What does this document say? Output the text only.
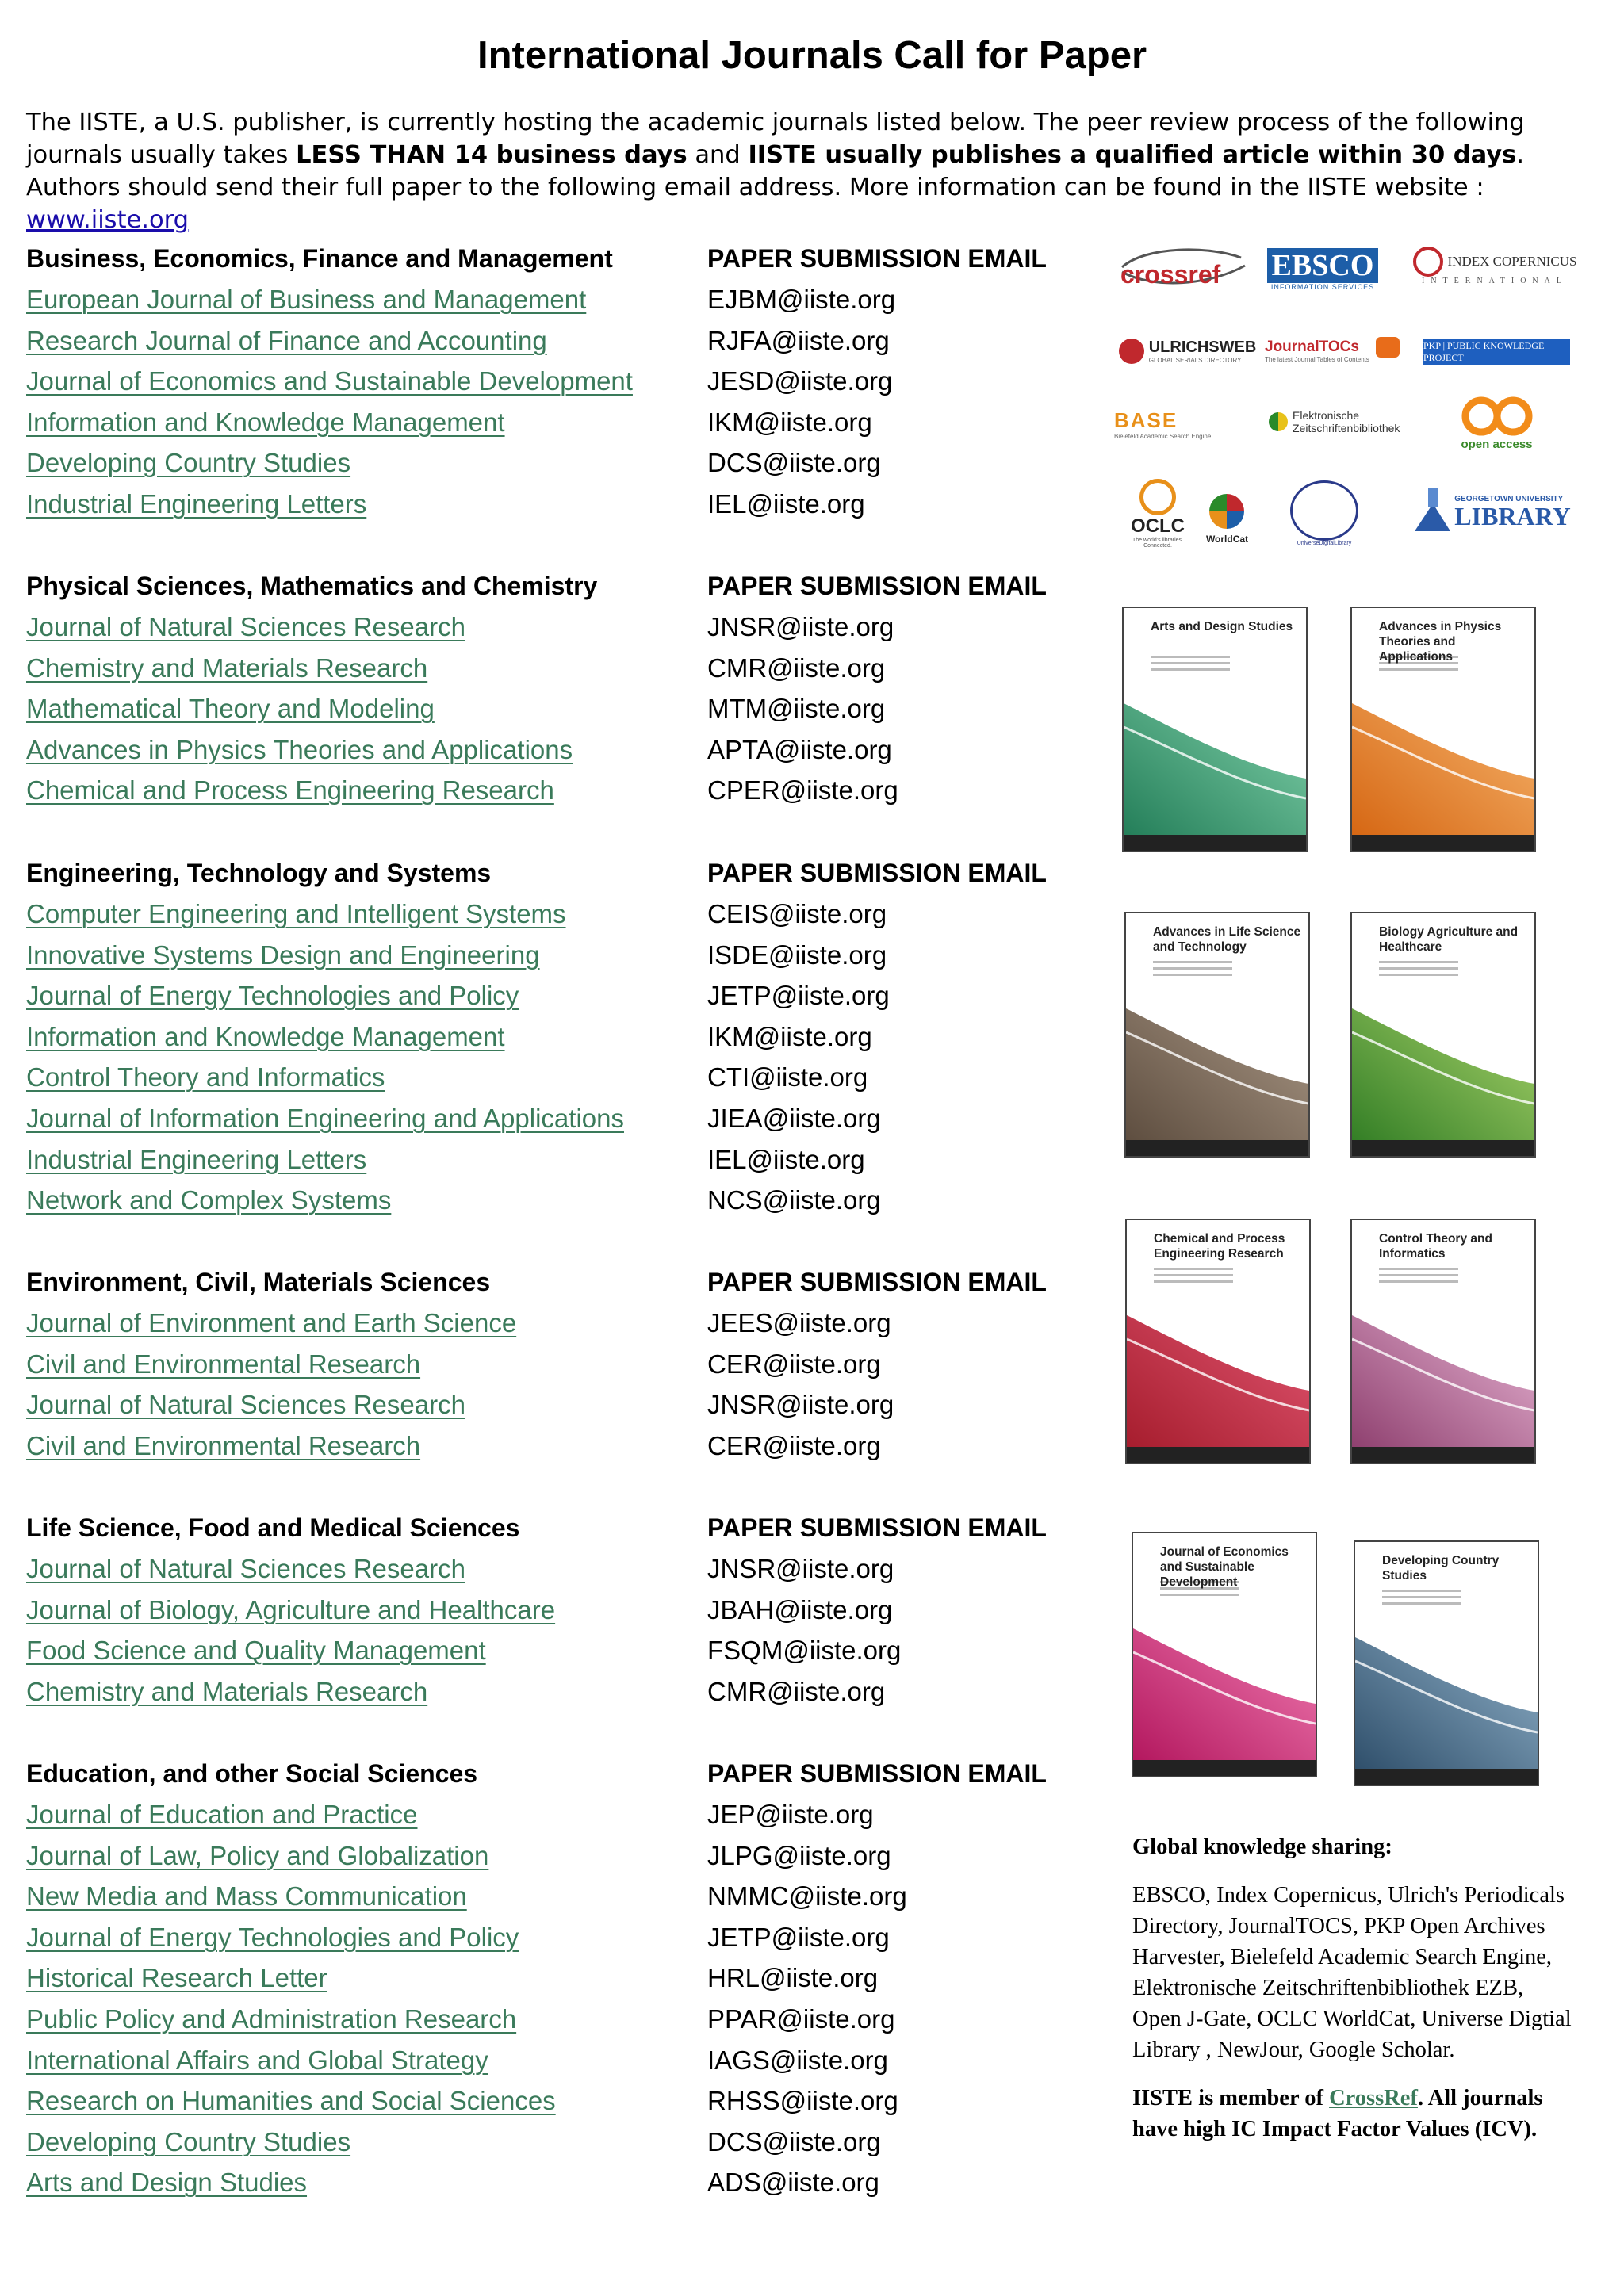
International Journals Call for Paper
The IISTE, a U.S. publisher, is currently hosting the academic journals listed below. The peer review process of the following journals usually takes LESS THAN 14 business days and IISTE usually publishes a qualified article within 30 days. Authors should send their full paper to the following email address. More information can be found in the IISTE website : www.iiste.org
Business, Economics, Finance and Management	PAPER SUBMISSION EMAIL
European Journal of Business and Management	EJBM@iiste.org
Research Journal of Finance and Accounting	RJFA@iiste.org
Journal of Economics and Sustainable Development	JESD@iiste.org
Information and Knowledge Management	IKM@iiste.org
Developing Country Studies	DCS@iiste.org
Industrial Engineering Letters	IEL@iiste.org
Physical Sciences, Mathematics and Chemistry	PAPER SUBMISSION EMAIL
Journal of Natural Sciences Research	JNSR@iiste.org
Chemistry and Materials Research	CMR@iiste.org
Mathematical Theory and Modeling	MTM@iiste.org
Advances in Physics Theories and Applications	APTA@iiste.org
Chemical and Process Engineering Research	CPER@iiste.org
Engineering, Technology and Systems	PAPER SUBMISSION EMAIL
Computer Engineering and Intelligent Systems	CEIS@iiste.org
Innovative Systems Design and Engineering	ISDE@iiste.org
Journal of Energy Technologies and Policy	JETP@iiste.org
Information and Knowledge Management	IKM@iiste.org
Control Theory and Informatics	CTI@iiste.org
Journal of Information Engineering and Applications	JIEA@iiste.org
Industrial Engineering Letters	IEL@iiste.org
Network and Complex Systems	NCS@iiste.org
Environment, Civil, Materials Sciences	PAPER SUBMISSION EMAIL
Journal of Environment and Earth Science	JEES@iiste.org
Civil and Environmental Research	CER@iiste.org
Journal of Natural Sciences Research	JNSR@iiste.org
Civil and Environmental Research	CER@iiste.org
Life Science, Food and Medical Sciences	PAPER SUBMISSION EMAIL
Journal of Natural Sciences Research	JNSR@iiste.org
Journal of Biology, Agriculture and Healthcare	JBAH@iiste.org
Food Science and Quality Management	FSQM@iiste.org
Chemistry and Materials Research	CMR@iiste.org
Education, and other Social Sciences	PAPER SUBMISSION EMAIL
Journal of Education and Practice	JEP@iiste.org
Journal of Law, Policy and Globalization	JLPG@iiste.org
New Media and Mass Communication	NMMC@iiste.org
Journal of Energy Technologies and Policy	JETP@iiste.org
Historical Research Letter	HRL@iiste.org
Public Policy and Administration Research	PPAR@iiste.org
International Affairs and Global Strategy	IAGS@iiste.org
Research on Humanities and Social Sciences	RHSS@iiste.org
Developing Country Studies	DCS@iiste.org
Arts and Design Studies	ADS@iiste.org
crossref EBSCO
INFORMATION SERVICES
INDEX COPERNICUS
INTERNATIONAL
ULRICHSWEB
GLOBAL SERIALS DIRECTORY
JournalTOCs
The latest Journal Tables of Contents
PKP | PUBLIC KNOWLEDGE PROJECT
BASE
Bielefeld Academic Search Engine
Elektronische Zeitschriftenbibliothek
open access
OCLC
The world's libraries. Connected.
WorldCat	UniverseDigitalLibrary
GEORGETOWN UNIVERSITY
LIBRARY
Arts and Design Studies	Advances in Physics Theories and Applications
Advances in Life Science and Technology
Biology Agriculture and Healthcare
Chemical and Process Engineering Research
Control Theory and Informatics
Journal of Economics and Sustainable Development
Developing Country Studies
Global knowledge sharing:
EBSCO, Index Copernicus, Ulrich's Periodicals Directory, JournalTOCS, PKP Open Archives Harvester, Bielefeld Academic Search Engine, Elektronische Zeitschriftenbibliothek EZB, Open J-Gate, OCLC WorldCat, Universe Digtial Library , NewJour, Google Scholar.
IISTE is member of CrossRef. All journals have high IC Impact Factor Values (ICV).
